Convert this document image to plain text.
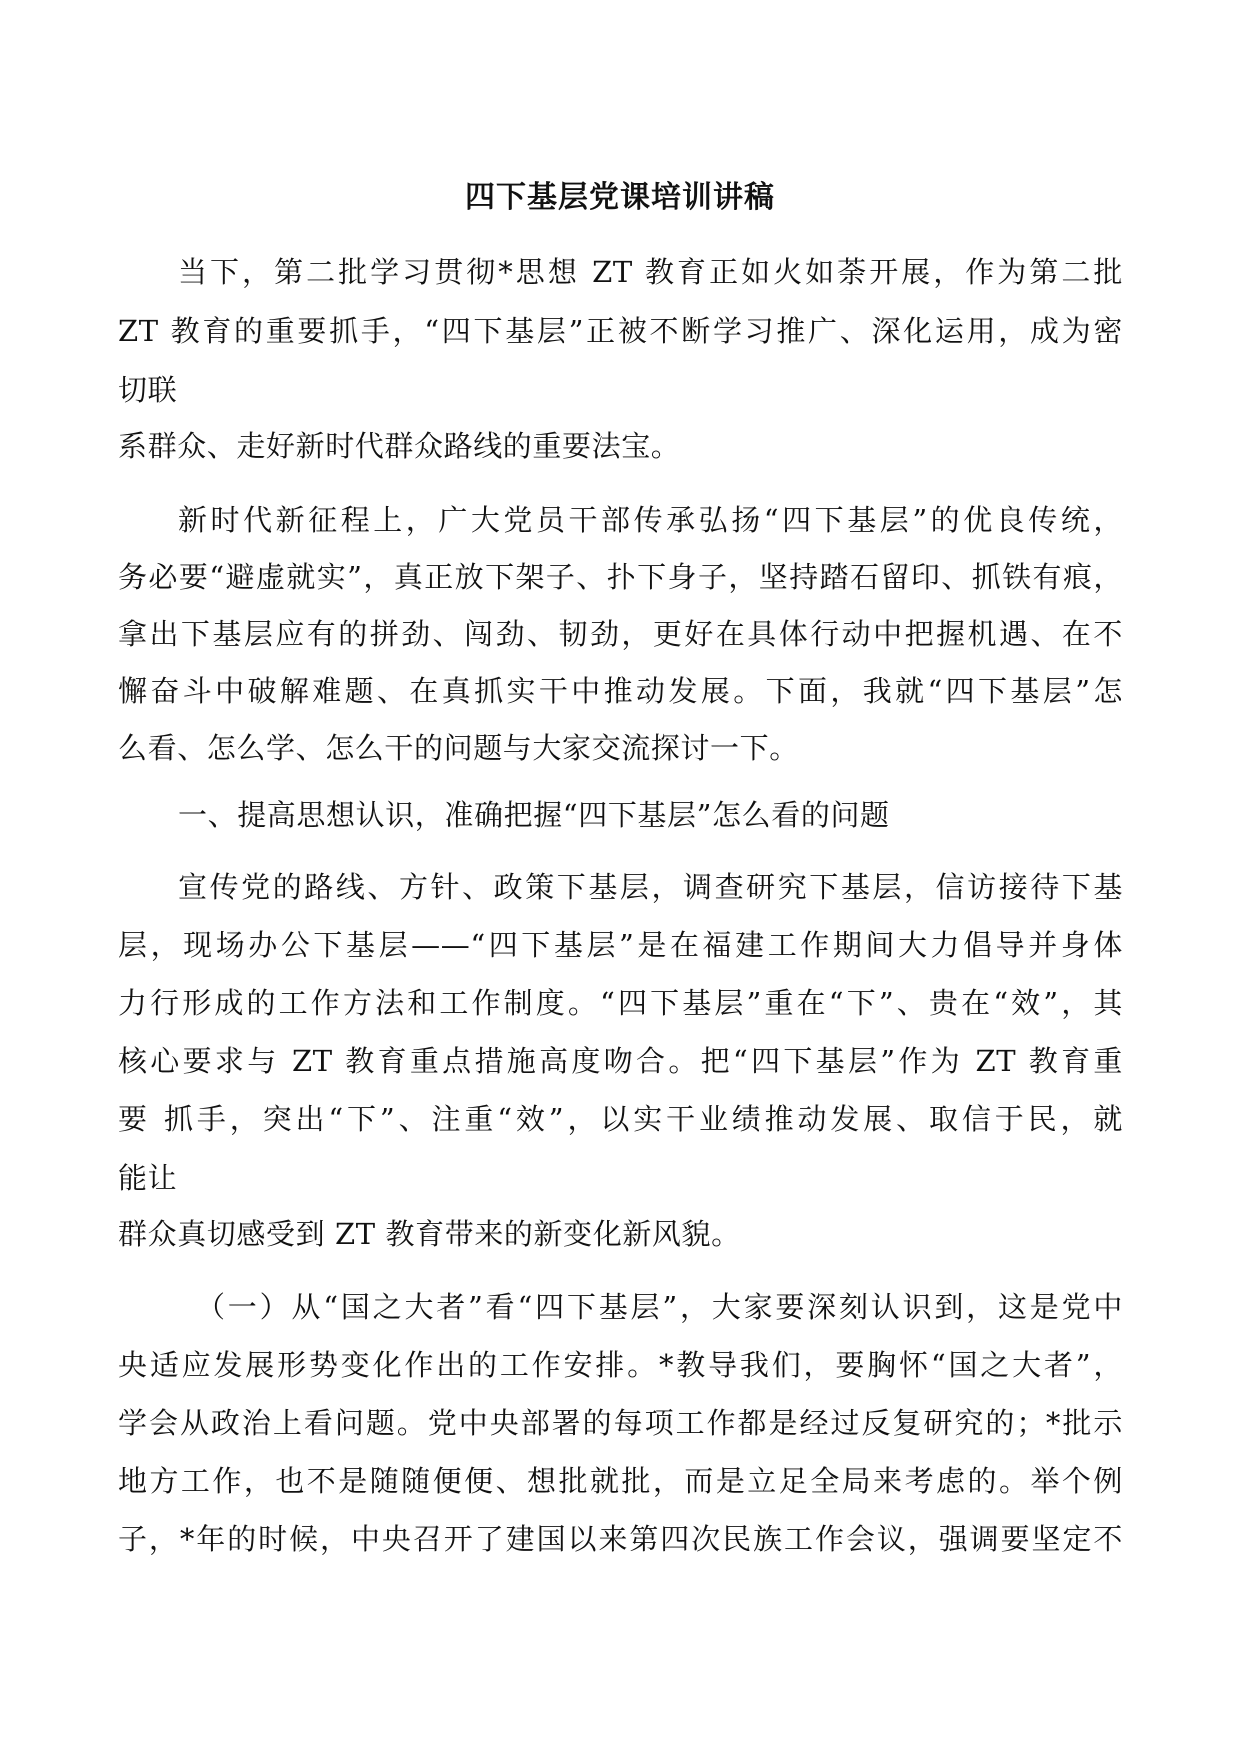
四下基层党课培训讲稿
当下，第二批学习贯彻*思想 ZT 教育正如火如荼开展，作为第二批
ZT 教育的重要抓手，“四下基层”正被不断学习推广、深化运用，成为密
切联
系群众、走好新时代群众路线的重要法宝。
新时代新征程上，广大党员干部传承弘扬“四下基层”的优良传统，
务必要“避虚就实”，真正放下架子、扑下身子，坚持踏石留印、抓铁有痕，
拿出下基层应有的拼劲、闯劲、韧劲，更好在具体行动中把握机遇、在不
懈奋斗中破解难题、在真抓实干中推动发展。下面，我就“四下基层”怎
么看、怎么学、怎么干的问题与大家交流探讨一下。
一、提高思想认识，准确把握“四下基层”怎么看的问题
宣传党的路线、方针、政策下基层，调查研究下基层，信访接待下基
层，现场办公下基层——“四下基层”是在福建工作期间大力倡导并身体
力行形成的工作方法和工作制度。“四下基层”重在“下”、贵在“效”，其
核心要求与 ZT 教育重点措施高度吻合。把“四下基层”作为 ZT 教育重
要 抓手，突出“下”、注重“效”，以实干业绩推动发展、取信于民，就
能让
群众真切感受到 ZT 教育带来的新变化新风貌。
（一）从“国之大者”看“四下基层”，大家要深刻认识到，这是党中
央适应发展形势变化作出的工作安排。*教导我们，要胸怀“国之大者”，
学会从政治上看问题。党中央部署的每项工作都是经过反复研究的；*批示
地方工作，也不是随随便便、想批就批，而是立足全局来考虑的。举个例
子，*年的时候，中央召开了建国以来第四次民族工作会议，强调要坚定不
